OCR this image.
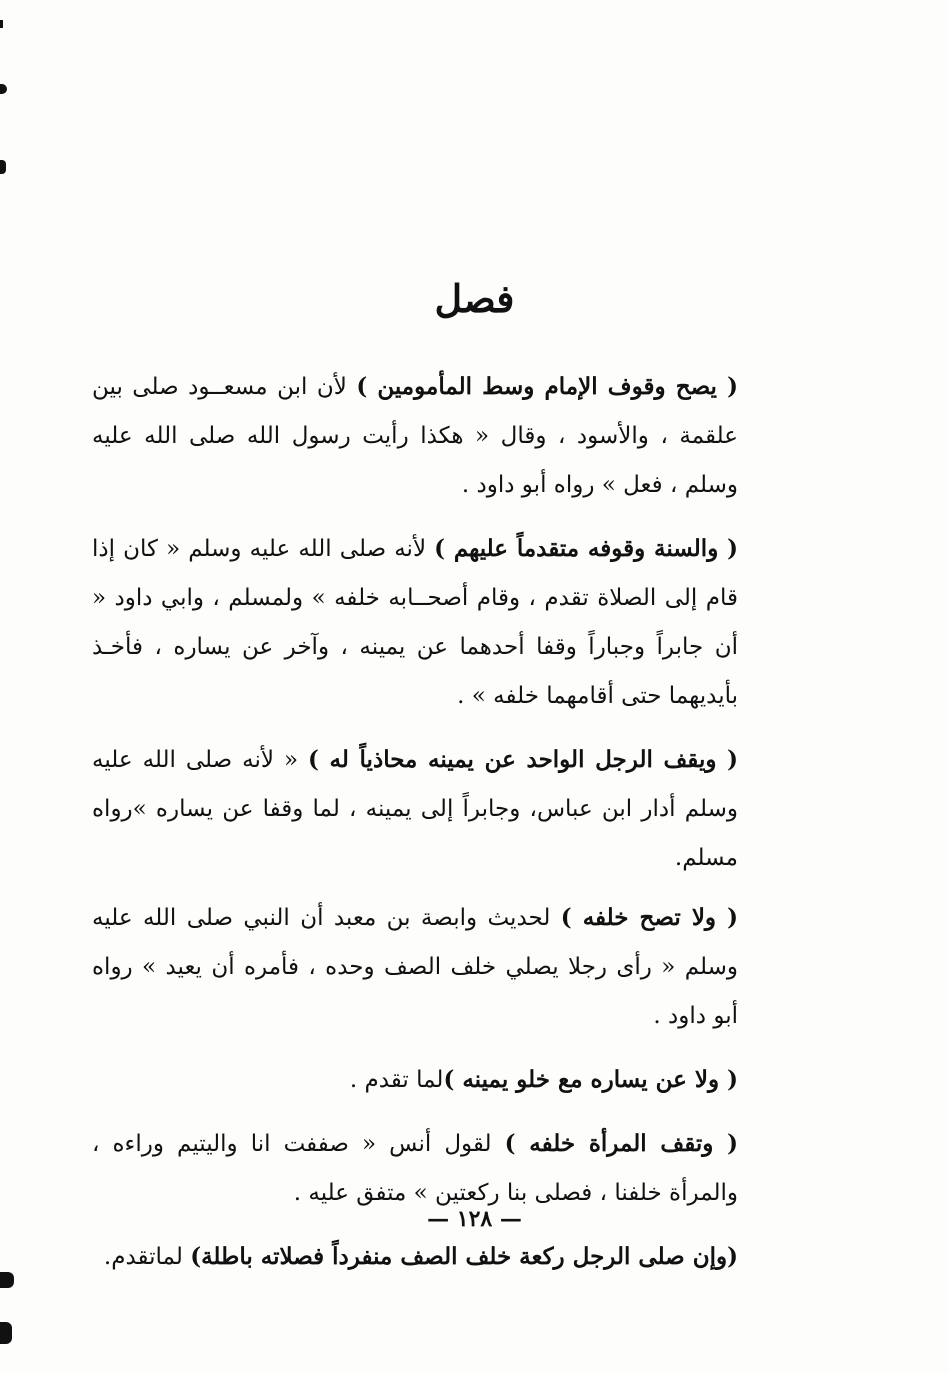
فصل

( يصح وقوف الإمام وسط المأمومين ) لأن ابن مسعــود صلى بين علقمة ، والأسود ، وقال « هكذا رأيت رسول الله صلى الله عليه وسلم ، فعل » رواه أبو داود .

( والسنة وقوفه متقدماً عليهم ) لأنه صلى الله عليه وسلم « كان إذا قام إلى الصلاة تقدم ، وقام أصحــابه خلفه » ولمسلم ، وابي داود « أن جابراً وجباراً وقفا أحدهما عن يمينه ، وآخر عن يساره ، فأخـذ بأيديهما حتى أقامهما خلفه » .

( ويقف الرجل الواحد عن يمينه محاذياً له ) « لأنه صلى الله عليه وسلم أدار ابن عباس، وجابراً إلى يمينه ، لما وقفا عن يساره »رواه مسلم.

( ولا تصح خلفه ) لحديث وابصة بن معبد أن النبي صلى الله عليه وسلم « رأى رجلا يصلي خلف الصف وحده ، فأمره أن يعيد » رواه أبو داود .

( ولا عن يساره مع خلو يمينه )لما تقدم .

( وتقف المرأة خلفه ) لقول أنس « صففت انا واليتيم وراءه ، والمرأة خلفنا ، فصلى بنا ركعتين » متفق عليه .

(وإن صلى الرجل ركعة خلف الصف منفرداً فصلاته باطلة) لماتقدم.

— ١٢٨ —
